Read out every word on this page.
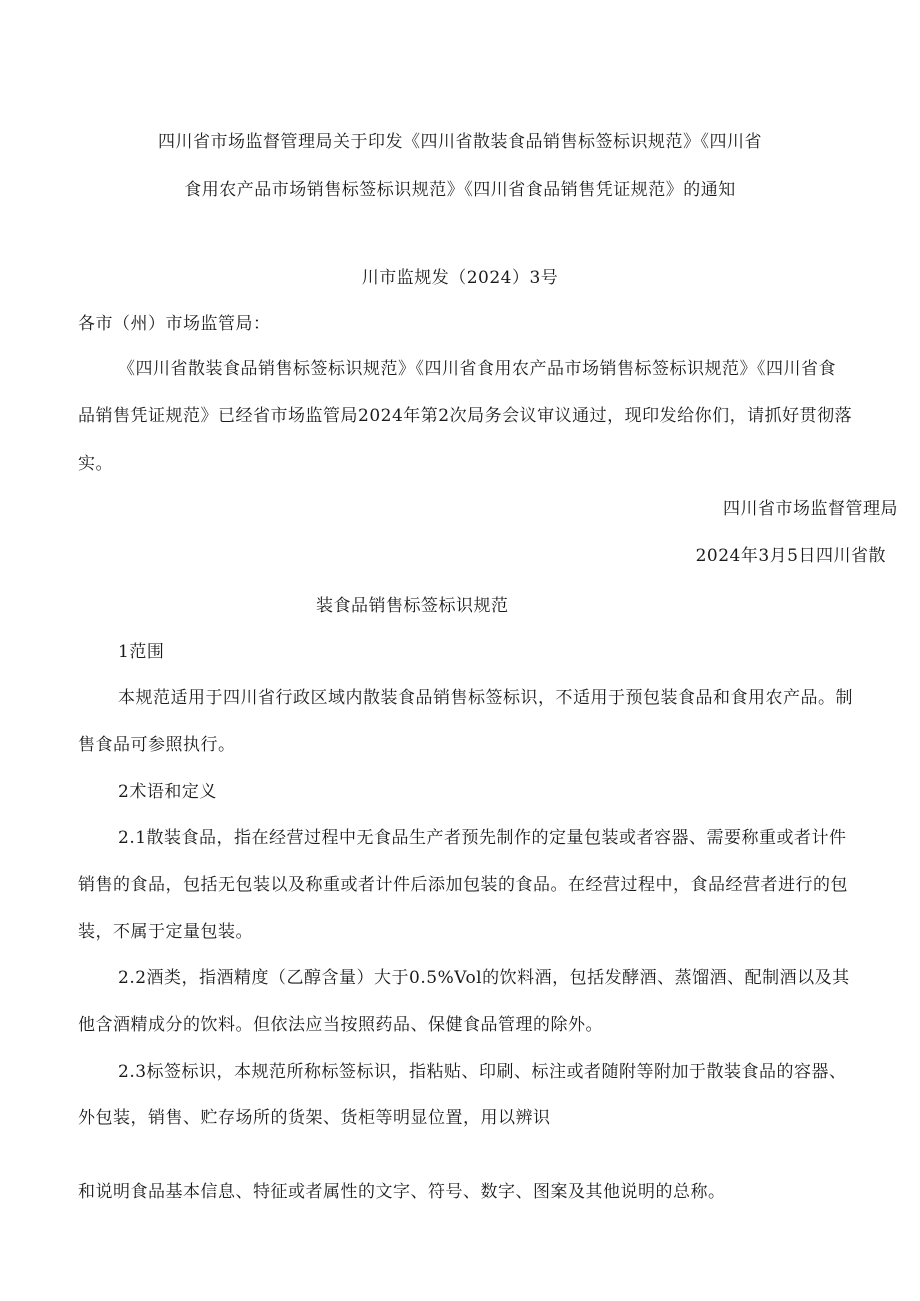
四川省市场监督管理局关于印发《四川省散装食品销售标签标识规范》《四川省
食用农产品市场销售标签标识规范》《四川省食品销售凭证规范》的通知
川市监规发（2024）3号
各市（州）市场监管局：
《四川省散装食品销售标签标识规范》《四川省食用农产品市场销售标签标识规范》《四川省食
品销售凭证规范》已经省市场监管局2024年第2次局务会议审议通过，现印发给你们，请抓好贯彻落
实。
四川省市场监督管理局
2024年3月5日四川省散
装食品销售标签标识规范
1范围
本规范适用于四川省行政区域内散装食品销售标签标识，不适用于预包装食品和食用农产品。制
售食品可参照执行。
2术语和定义
2.1散装食品，指在经营过程中无食品生产者预先制作的定量包装或者容器、需要称重或者计件
销售的食品，包括无包装以及称重或者计件后添加包装的食品。在经营过程中，食品经营者进行的包
装，不属于定量包装。
2.2酒类，指酒精度（乙醇含量）大于0.5%Vol的饮料酒，包括发酵酒、蒸馏酒、配制酒以及其
他含酒精成分的饮料。但依法应当按照药品、保健食品管理的除外。
2.3标签标识，本规范所称标签标识，指粘贴、印刷、标注或者随附等附加于散装食品的容器、
外包装，销售、贮存场所的货架、货柜等明显位置，用以辨识
和说明食品基本信息、特征或者属性的文字、符号、数字、图案及其他说明的总称。
